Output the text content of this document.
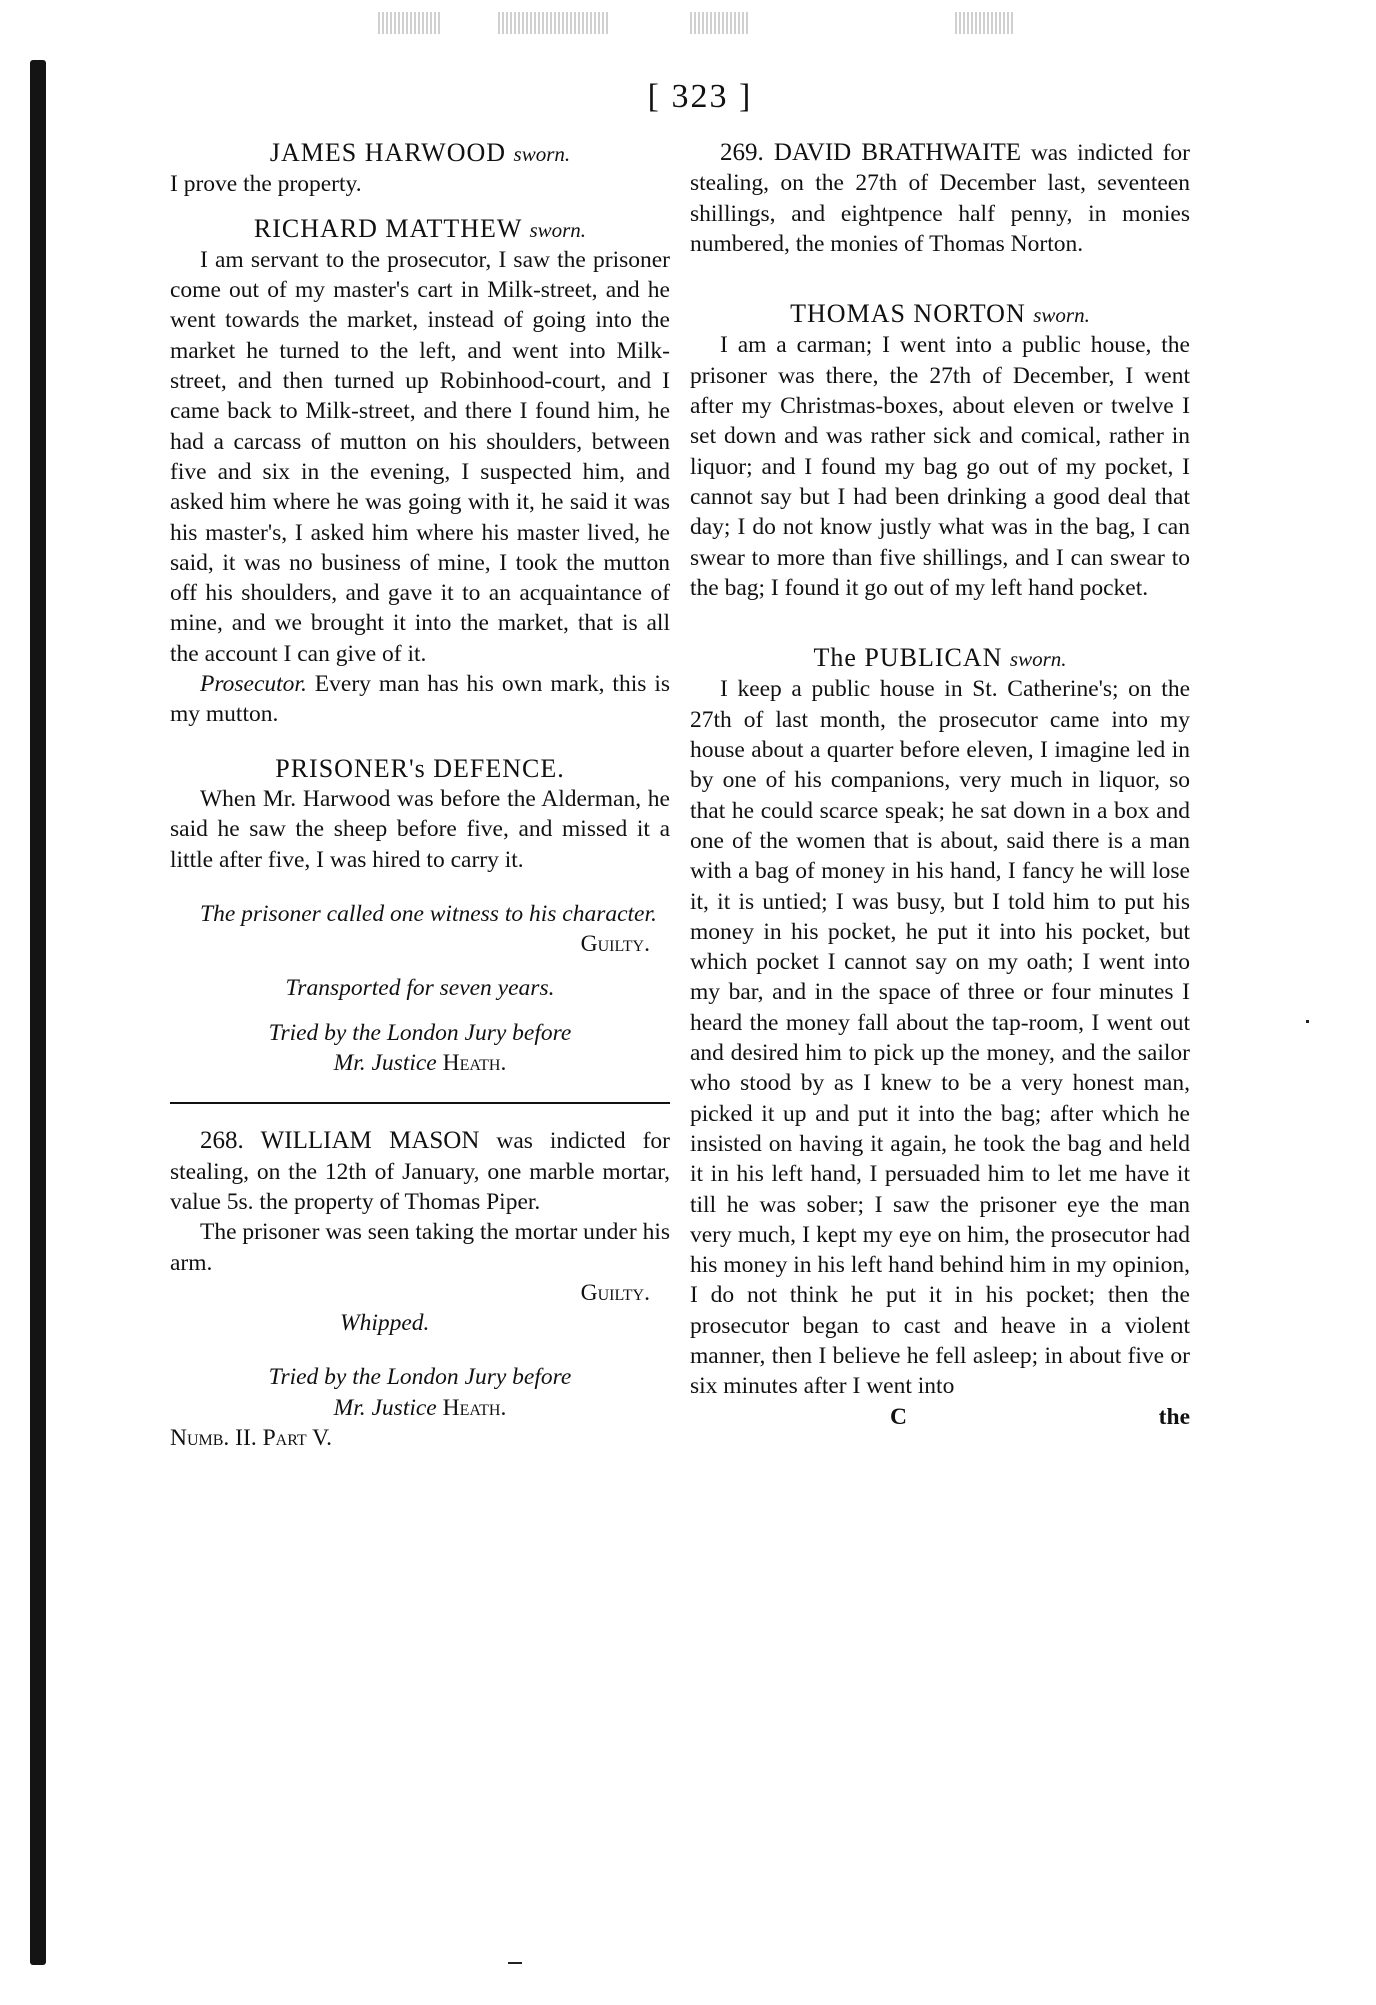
[ 323 ]
JAMES HARWOOD sworn.

I prove the property.

RICHARD MATTHEW sworn.

I am servant to the prosecutor, I saw the prisoner come out of my master's cart in Milk-street, and he went towards the market, instead of going into the market he turned to the left, and went into Milk-street, and then turned up Robinhood-court, and I came back to Milk-street, and there I found him, he had a carcass of mutton on his shoulders, between five and six in the evening, I suspected him, and asked him where he was going with it, he said it was his master's, I asked him where his master lived, he said, it was no business of mine, I took the mutton off his shoulders, and gave it to an acquaintance of mine, and we brought it into the market, that is all the account I can give of it.

Prosecutor. Every man has his own mark, this is my mutton.

PRISONER's DEFENCE.

When Mr. Harwood was before the Alderman, he said he saw the sheep before five, and missed it a little after five, I was hired to carry it.

The prisoner called one witness to his character.

Guilty.

Transported for seven years.

Tried by the London Jury before

Mr. Justice Heath.

268. WILLIAM MASON was indicted for stealing, on the 12th of January, one marble mortar, value 5s. the property of Thomas Piper.

The prisoner was seen taking the mortar under his arm.

Guilty.

Whipped.

Tried by the London Jury before

Mr. Justice Heath.

Numb. II. Part V.

269. DAVID BRATHWAITE was indicted for stealing, on the 27th of December last, seventeen shillings, and eightpence half penny, in monies numbered, the monies of Thomas Norton.

THOMAS NORTON sworn.

I am a carman; I went into a public house, the prisoner was there, the 27th of December, I went after my Christmas-boxes, about eleven or twelve I set down and was rather sick and comical, rather in liquor; and I found my bag go out of my pocket, I cannot say but I had been drinking a good deal that day; I do not know justly what was in the bag, I can swear to more than five shillings, and I can swear to the bag; I found it go out of my left hand pocket.

The PUBLICAN sworn.

I keep a public house in St. Catherine's; on the 27th of last month, the prosecutor came into my house about a quarter before eleven, I imagine led in by one of his companions, very much in liquor, so that he could scarce speak; he sat down in a box and one of the women that is about, said there is a man with a bag of money in his hand, I fancy he will lose it, it is untied; I was busy, but I told him to put his money in his pocket, he put it into his pocket, but which pocket I cannot say on my oath; I went into my bar, and in the space of three or four minutes I heard the money fall about the tap-room, I went out and desired him to pick up the money, and the sailor who stood by as I knew to be a very honest man, picked it up and put it into the bag; after which he insisted on having it again, he took the bag and held it in his left hand, I persuaded him to let me have it till he was sober; I saw the prisoner eye the man very much, I kept my eye on him, the prosecutor had his money in his left hand behind him in my opinion, I do not think he put it in his pocket; then the prosecutor began to cast and heave in a violent manner, then I believe he fell asleep; in about five or six minutes after I went into

C	the
